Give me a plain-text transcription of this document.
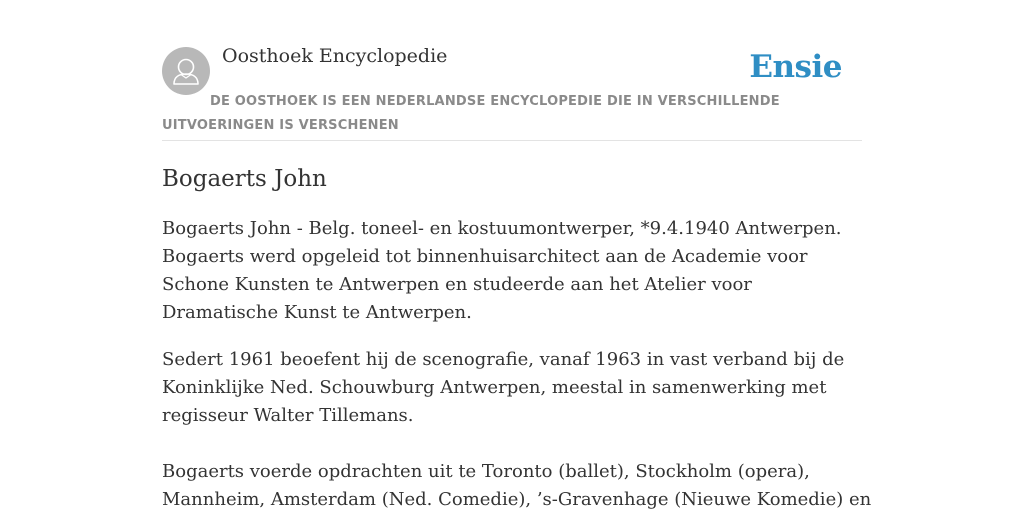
Oosthoek Encyclopedie	Ensie
DE OOSTHOEK IS EEN NEDERLANDSE ENCYCLOPEDIE DIE IN VERSCHILLENDE UITVOERINGEN IS VERSCHENEN
Bogaerts John

Bogaerts John - Belg. toneel- en kostuumontwerper, *9.4.1940 Antwerpen. Bogaerts werd opgeleid tot binnenhuisarchitect aan de Academie voor Schone Kunsten te Antwerpen en studeerde aan het Atelier voor Dramatische Kunst te Antwerpen.

Sedert 1961 beoefent hij de scenografie, vanaf 1963 in vast verband bij de Koninklijke Ned. Schouwburg Antwerpen, meestal in samenwerking met regisseur Walter Tillemans.

Bogaerts voerde opdrachten uit te Toronto (ballet), Stockholm (opera), Mannheim, Amsterdam (Ned. Comedie), ’s-Gravenhage (Nieuwe Komedie) en
